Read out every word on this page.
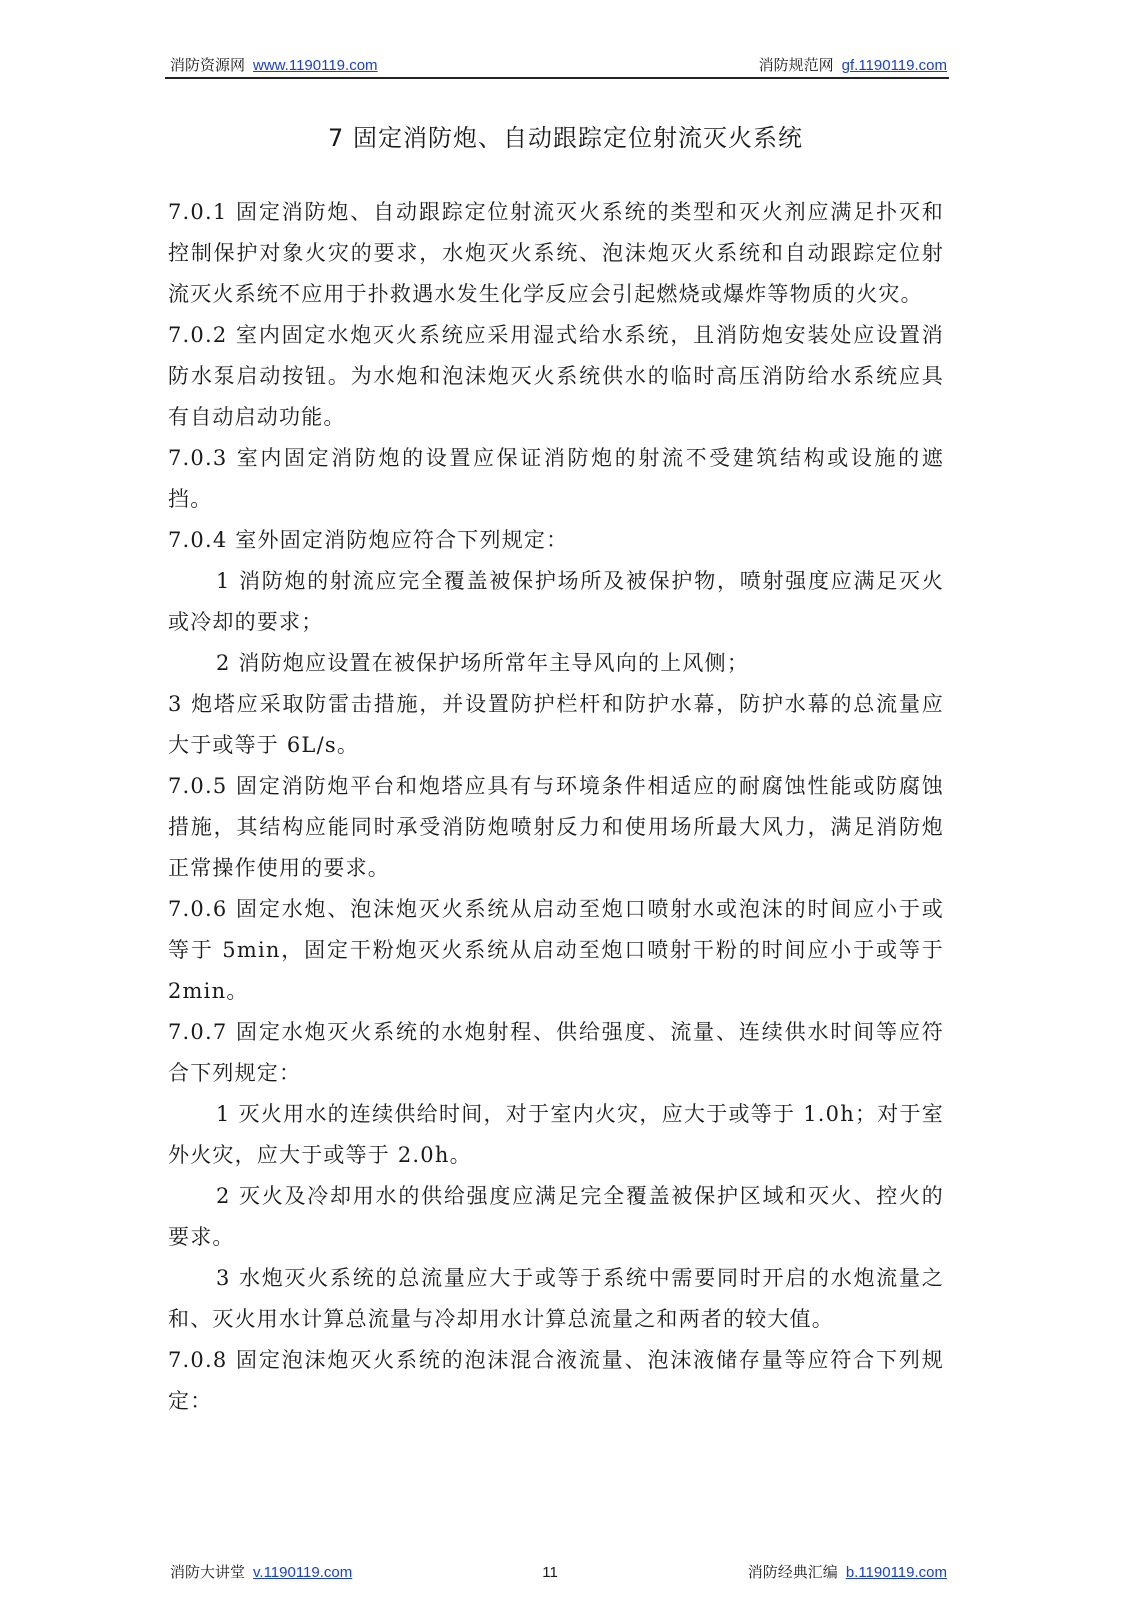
消防资源网 www.1190119.com	消防规范网 gf.1190119.com
7 固定消防炮、自动跟踪定位射流灭火系统

7.0.1 固定消防炮、自动跟踪定位射流灭火系统的类型和灭火剂应满足扑灭和控制保护对象火灾的要求，水炮灭火系统、泡沫炮灭火系统和自动跟踪定位射流灭火系统不应用于扑救遇水发生化学反应会引起燃烧或爆炸等物质的火灾。

7.0.2 室内固定水炮灭火系统应采用湿式给水系统，且消防炮安装处应设置消防水泵启动按钮。为水炮和泡沫炮灭火系统供水的临时高压消防给水系统应具有自动启动功能。

7.0.3 室内固定消防炮的设置应保证消防炮的射流不受建筑结构或设施的遮挡。

7.0.4 室外固定消防炮应符合下列规定：

1 消防炮的射流应完全覆盖被保护场所及被保护物，喷射强度应满足灭火或冷却的要求；

2 消防炮应设置在被保护场所常年主导风向的上风侧；

3 炮塔应采取防雷击措施，并设置防护栏杆和防护水幕，防护水幕的总流量应大于或等于 6L/s。

7.0.5 固定消防炮平台和炮塔应具有与环境条件相适应的耐腐蚀性能或防腐蚀措施，其结构应能同时承受消防炮喷射反力和使用场所最大风力，满足消防炮正常操作使用的要求。

7.0.6 固定水炮、泡沫炮灭火系统从启动至炮口喷射水或泡沫的时间应小于或等于 5min，固定干粉炮灭火系统从启动至炮口喷射干粉的时间应小于或等于 2min。

7.0.7 固定水炮灭火系统的水炮射程、供给强度、流量、连续供水时间等应符合下列规定：

1 灭火用水的连续供给时间，对于室内火灾，应大于或等于 1.0h；对于室外火灾，应大于或等于 2.0h。

2 灭火及冷却用水的供给强度应满足完全覆盖被保护区域和灭火、控火的要求。

3 水炮灭火系统的总流量应大于或等于系统中需要同时开启的水炮流量之和、灭火用水计算总流量与冷却用水计算总流量之和两者的较大值。

7.0.8 固定泡沫炮灭火系统的泡沫混合液流量、泡沫液储存量等应符合下列规定：

消防大讲堂 v.1190119.com	11	消防经典汇编 b.1190119.com
